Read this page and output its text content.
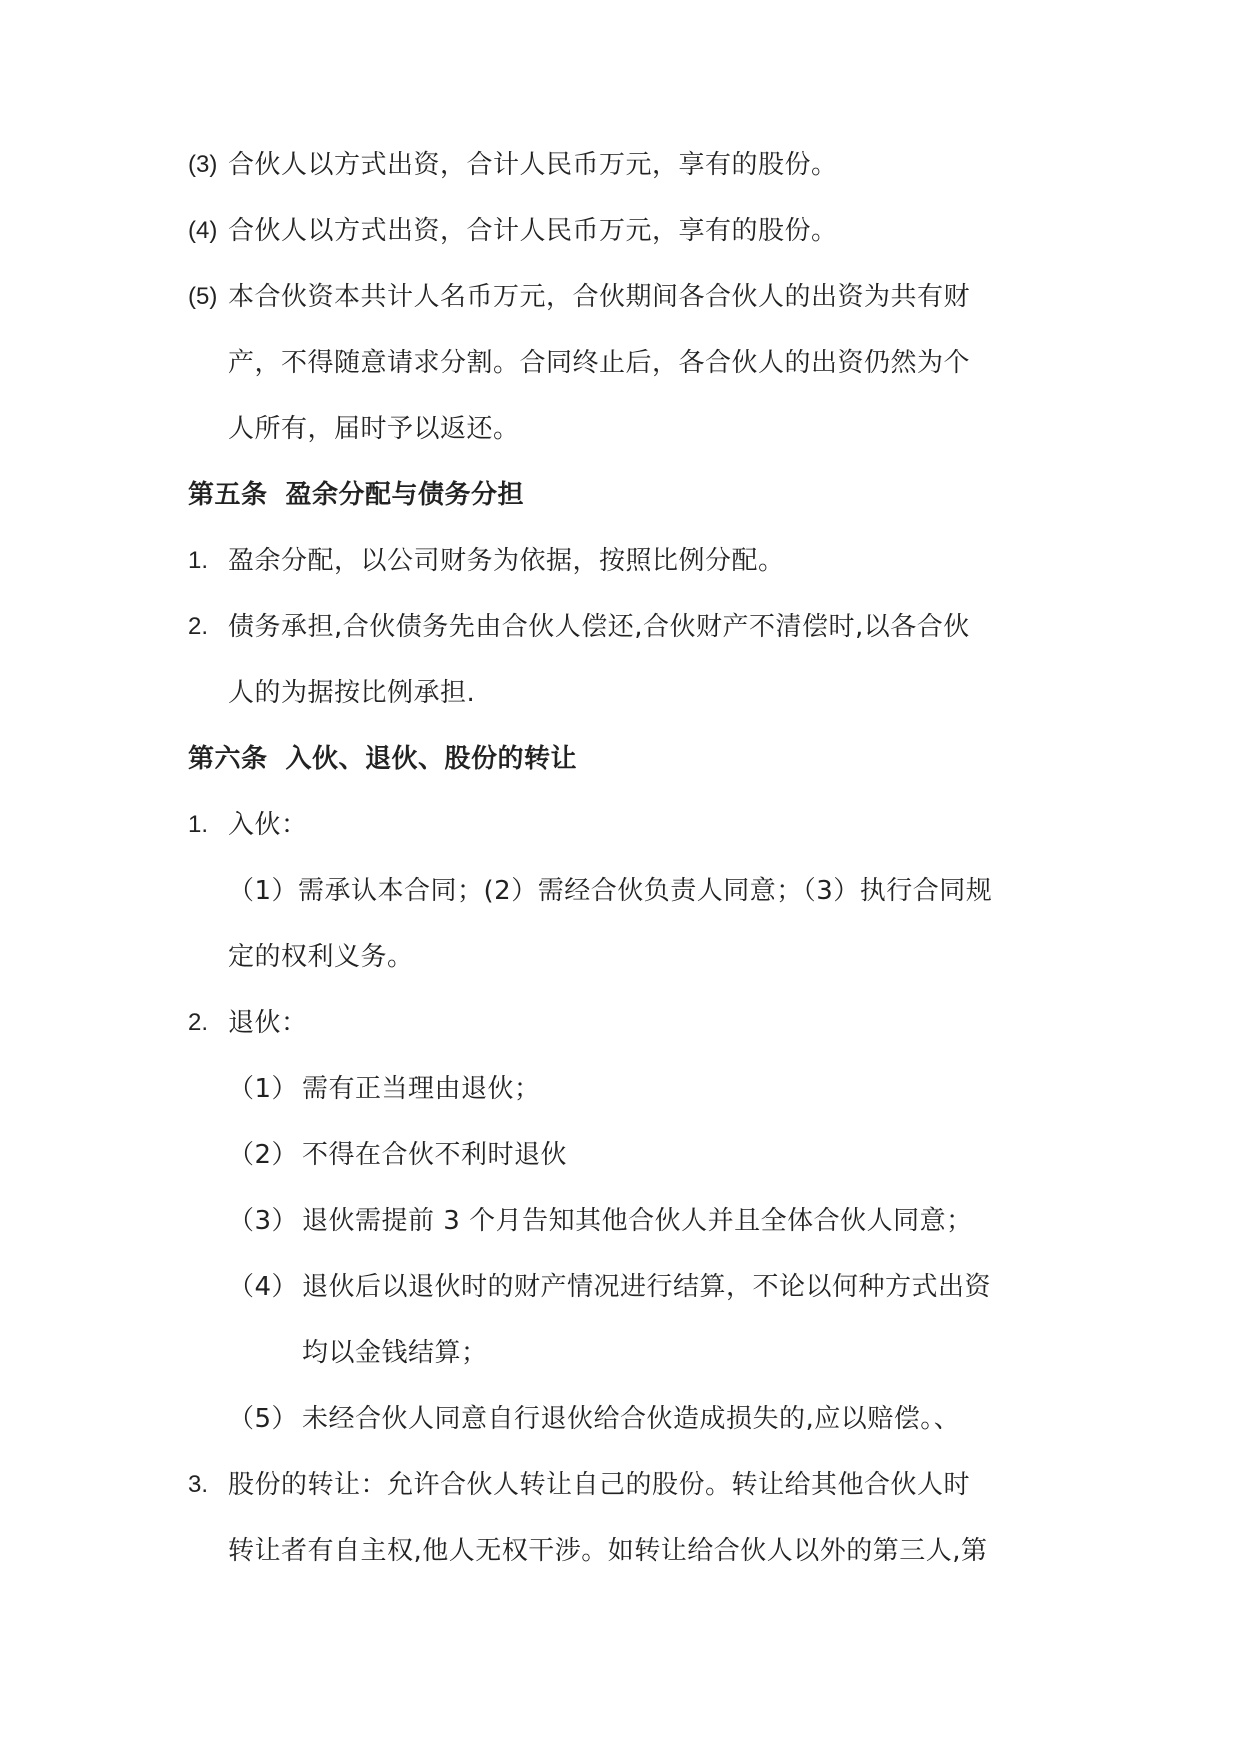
(3) 合伙人以方式出资，合计人民币万元，享有的股份。
(4) 合伙人以方式出资，合计人民币万元，享有的股份。
(5) 本合伙资本共计人名币万元，合伙期间各合伙人的出资为共有财
产，不得随意请求分割。合同终止后，各合伙人的出资仍然为个
人所有，届时予以返还。
第五条 盈余分配与债务分担
1. 盈余分配，以公司财务为依据，按照比例分配。
2. 债务承担,合伙债务先由合伙人偿还,合伙财产不清偿时,以各合伙
人的为据按比例承担.
第六条 入伙、退伙、股份的转让
1. 入伙：
（1）需承认本合同；(2）需经合伙负责人同意；（3）执行合同规
定的权利义务。
2. 退伙：
（1） 需有正当理由退伙；
（2） 不得在合伙不利时退伙
（3） 退伙需提前 3 个月告知其他合伙人并且全体合伙人同意；
（4） 退伙后以退伙时的财产情况进行结算，不论以何种方式出资
均以金钱结算；
（5） 未经合伙人同意自行退伙给合伙造成损失的,应以赔偿。、
3. 股份的转让：允许合伙人转让自己的股份。转让给其他合伙人时
转让者有自主权,他人无权干涉。如转让给合伙人以外的第三人,第
